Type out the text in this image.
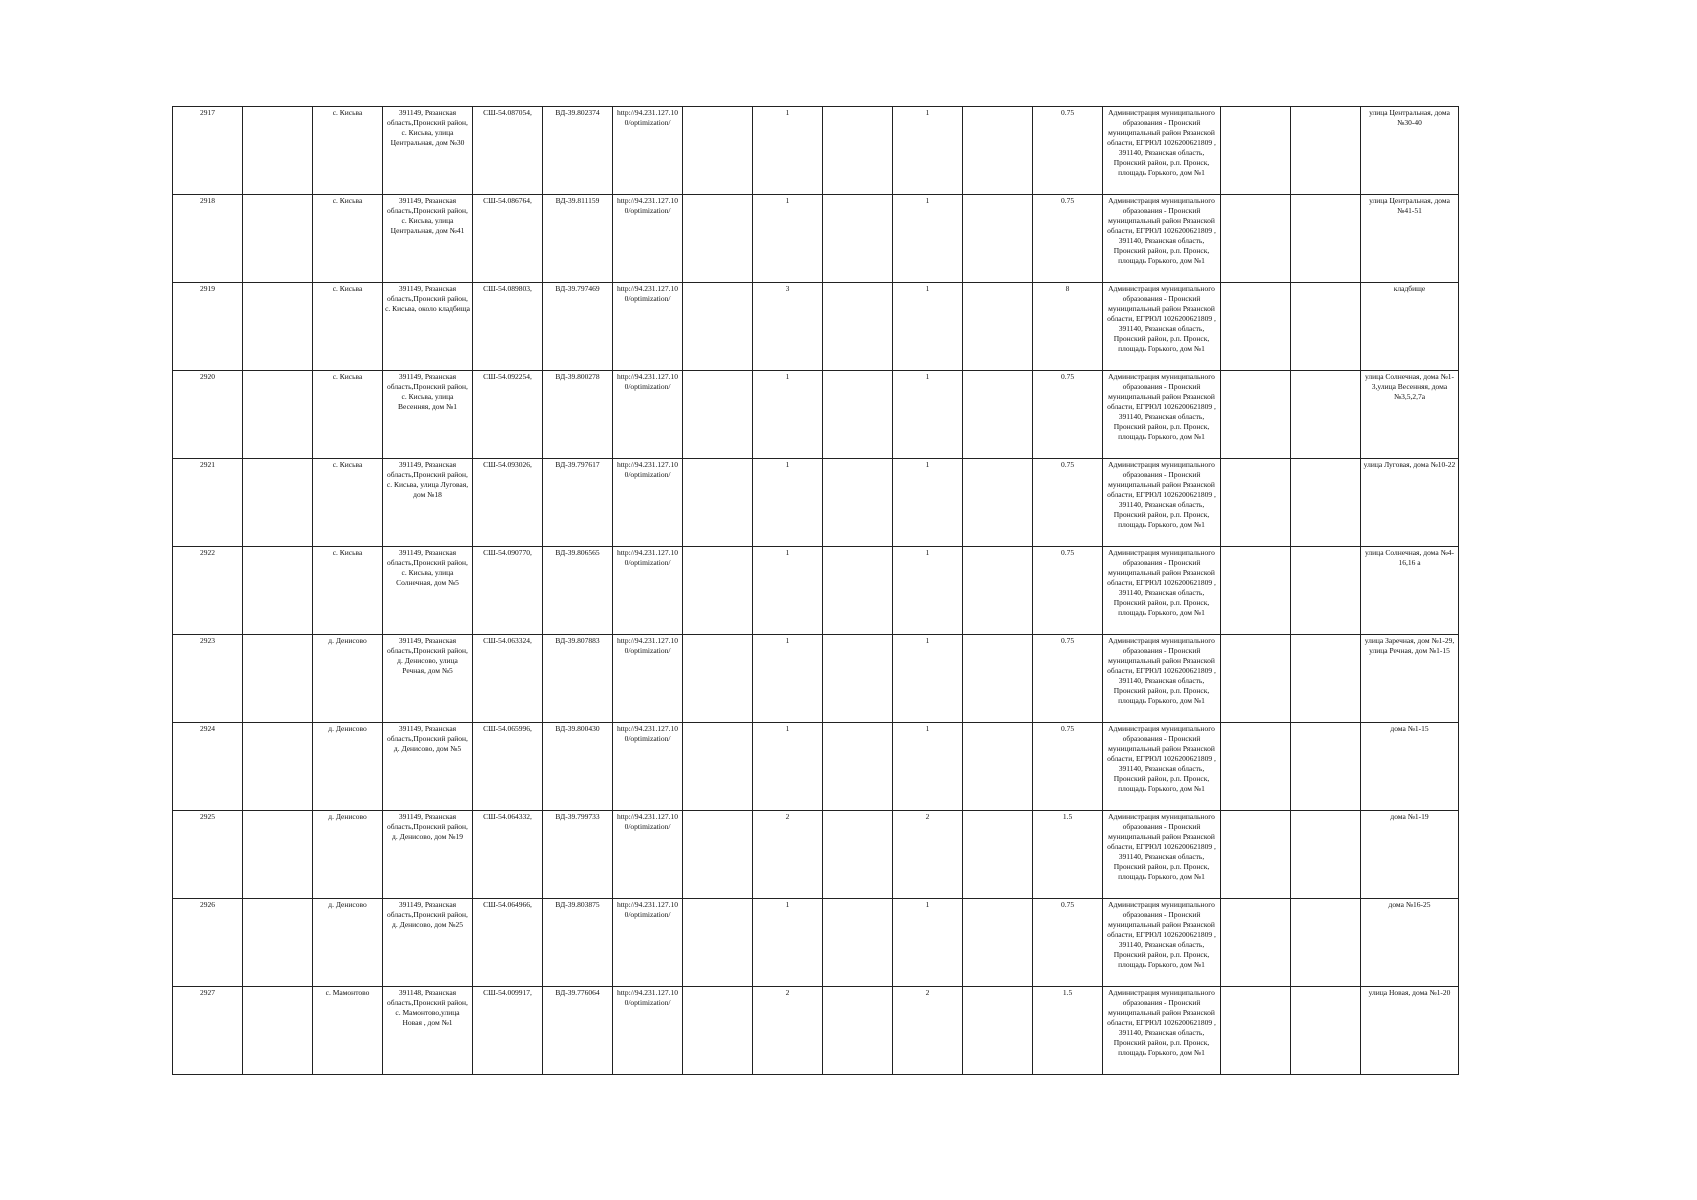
2917		с. Кисьва	391149, Рязанская область,Пронский район, с. Кисьва, улица Центральная, дом №30	СШ-54.087054,	ВД-39.802374	http://94.231.127.10 0/optimization/		1		1		0.75	Администрация муниципального образования - Пронский муниципальный район Рязанской области, ЕГРЮЛ 1026200621809 , 391140, Рязанская область, Пронский район, р.п. Пронск, площадь Горького, дом №1			улица Центральная, дома №30-40
2918		с. Кисьва	391149, Рязанская область,Пронский район, с. Кисьва, улица Центральная, дом №41	СШ-54.086764,	ВД-39.811159	http://94.231.127.10 0/optimization/		1		1		0.75	Администрация муниципального образования - Пронский муниципальный район Рязанской области, ЕГРЮЛ 1026200621809 , 391140, Рязанская область, Пронский район, р.п. Пронск, площадь Горького, дом №1			улица Центральная, дома №41-51
2919		с. Кисьва	391149, Рязанская область,Пронский район, с. Кисьва, около кладбища	СШ-54.089803,	ВД-39.797469	http://94.231.127.10 0/optimization/		3		1		8	Администрация муниципального образования - Пронский муниципальный район Рязанской области, ЕГРЮЛ 1026200621809 , 391140, Рязанская область, Пронский район, р.п. Пронск, площадь Горького, дом №1			кладбище
2920		с. Кисьва	391149, Рязанская область,Пронский район, с. Кисьва, улица Весенняя, дом №1	СШ-54.092254,	ВД-39.800278	http://94.231.127.10 0/optimization/		1		1		0.75	Администрация муниципального образования - Пронский муниципальный район Рязанской области, ЕГРЮЛ 1026200621809 , 391140, Рязанская область, Пронский район, р.п. Пронск, площадь Горького, дом №1			улица Солнечная, дома №1-3,улица Весенняя, дома №3,5,2,7а
2921		с. Кисьва	391149, Рязанская область,Пронский район, с. Кисьва, улица Луговая, дом №18	СШ-54.093026,	ВД-39.797617	http://94.231.127.10 0/optimization/		1		1		0.75	Администрация муниципального образования - Пронский муниципальный район Рязанской области, ЕГРЮЛ 1026200621809 , 391140, Рязанская область, Пронский район, р.п. Пронск, площадь Горького, дом №1			улица Луговая, дома №10-22
2922		с. Кисьва	391149, Рязанская область,Пронский район, с. Кисьва, улица Солнечная, дом №5	СШ-54.090770,	ВД-39.806565	http://94.231.127.10 0/optimization/		1		1		0.75	Администрация муниципального образования - Пронский муниципальный район Рязанской области, ЕГРЮЛ 1026200621809 , 391140, Рязанская область, Пронский район, р.п. Пронск, площадь Горького, дом №1			улица Солнечная, дома №4-16,16 а
2923		д. Денисово	391149, Рязанская область,Пронский район, д. Денисово, улица Речная, дом №5	СШ-54.063324,	ВД-39.807883	http://94.231.127.10 0/optimization/		1		1		0.75	Администрация муниципального образования - Пронский муниципальный район Рязанской области, ЕГРЮЛ 1026200621809 , 391140, Рязанская область, Пронский район, р.п. Пронск, площадь Горького, дом №1			улица Заречная, дом №1-29, улица Речная, дом №1-15
2924		д. Денисово	391149, Рязанская область,Пронский район, д. Денисово, дом №5	СШ-54.065996,	ВД-39.800430	http://94.231.127.10 0/optimization/		1		1		0.75	Администрация муниципального образования - Пронский муниципальный район Рязанской области, ЕГРЮЛ 1026200621809 , 391140, Рязанская область, Пронский район, р.п. Пронск, площадь Горького, дом №1			дома №1-15
2925		д. Денисово	391149, Рязанская область,Пронский район, д. Денисово, дом №19	СШ-54.064332,	ВД-39.799733	http://94.231.127.10 0/optimization/		2		2		1.5	Администрация муниципального образования - Пронский муниципальный район Рязанской области, ЕГРЮЛ 1026200621809 , 391140, Рязанская область, Пронский район, р.п. Пронск, площадь Горького, дом №1			дома №1-19
2926		д. Денисово	391149, Рязанская область,Пронский район, д. Денисово, дом №25	СШ-54.064966,	ВД-39.803875	http://94.231.127.10 0/optimization/		1		1		0.75	Администрация муниципального образования - Пронский муниципальный район Рязанской области, ЕГРЮЛ 1026200621809 , 391140, Рязанская область, Пронский район, р.п. Пронск, площадь Горького, дом №1			дома №16-25
2927		с. Мамонтово	391148, Рязанская область,Пронский район, с. Мамонтово,улица Новая , дом №1	СШ-54.009917,	ВД-39.776064	http://94.231.127.10 0/optimization/		2		2		1.5	Администрация муниципального образования - Пронский муниципальный район Рязанской области, ЕГРЮЛ 1026200621809 , 391140, Рязанская область, Пронский район, р.п. Пронск, площадь Горького, дом №1			улица Новая, дома №1-20
